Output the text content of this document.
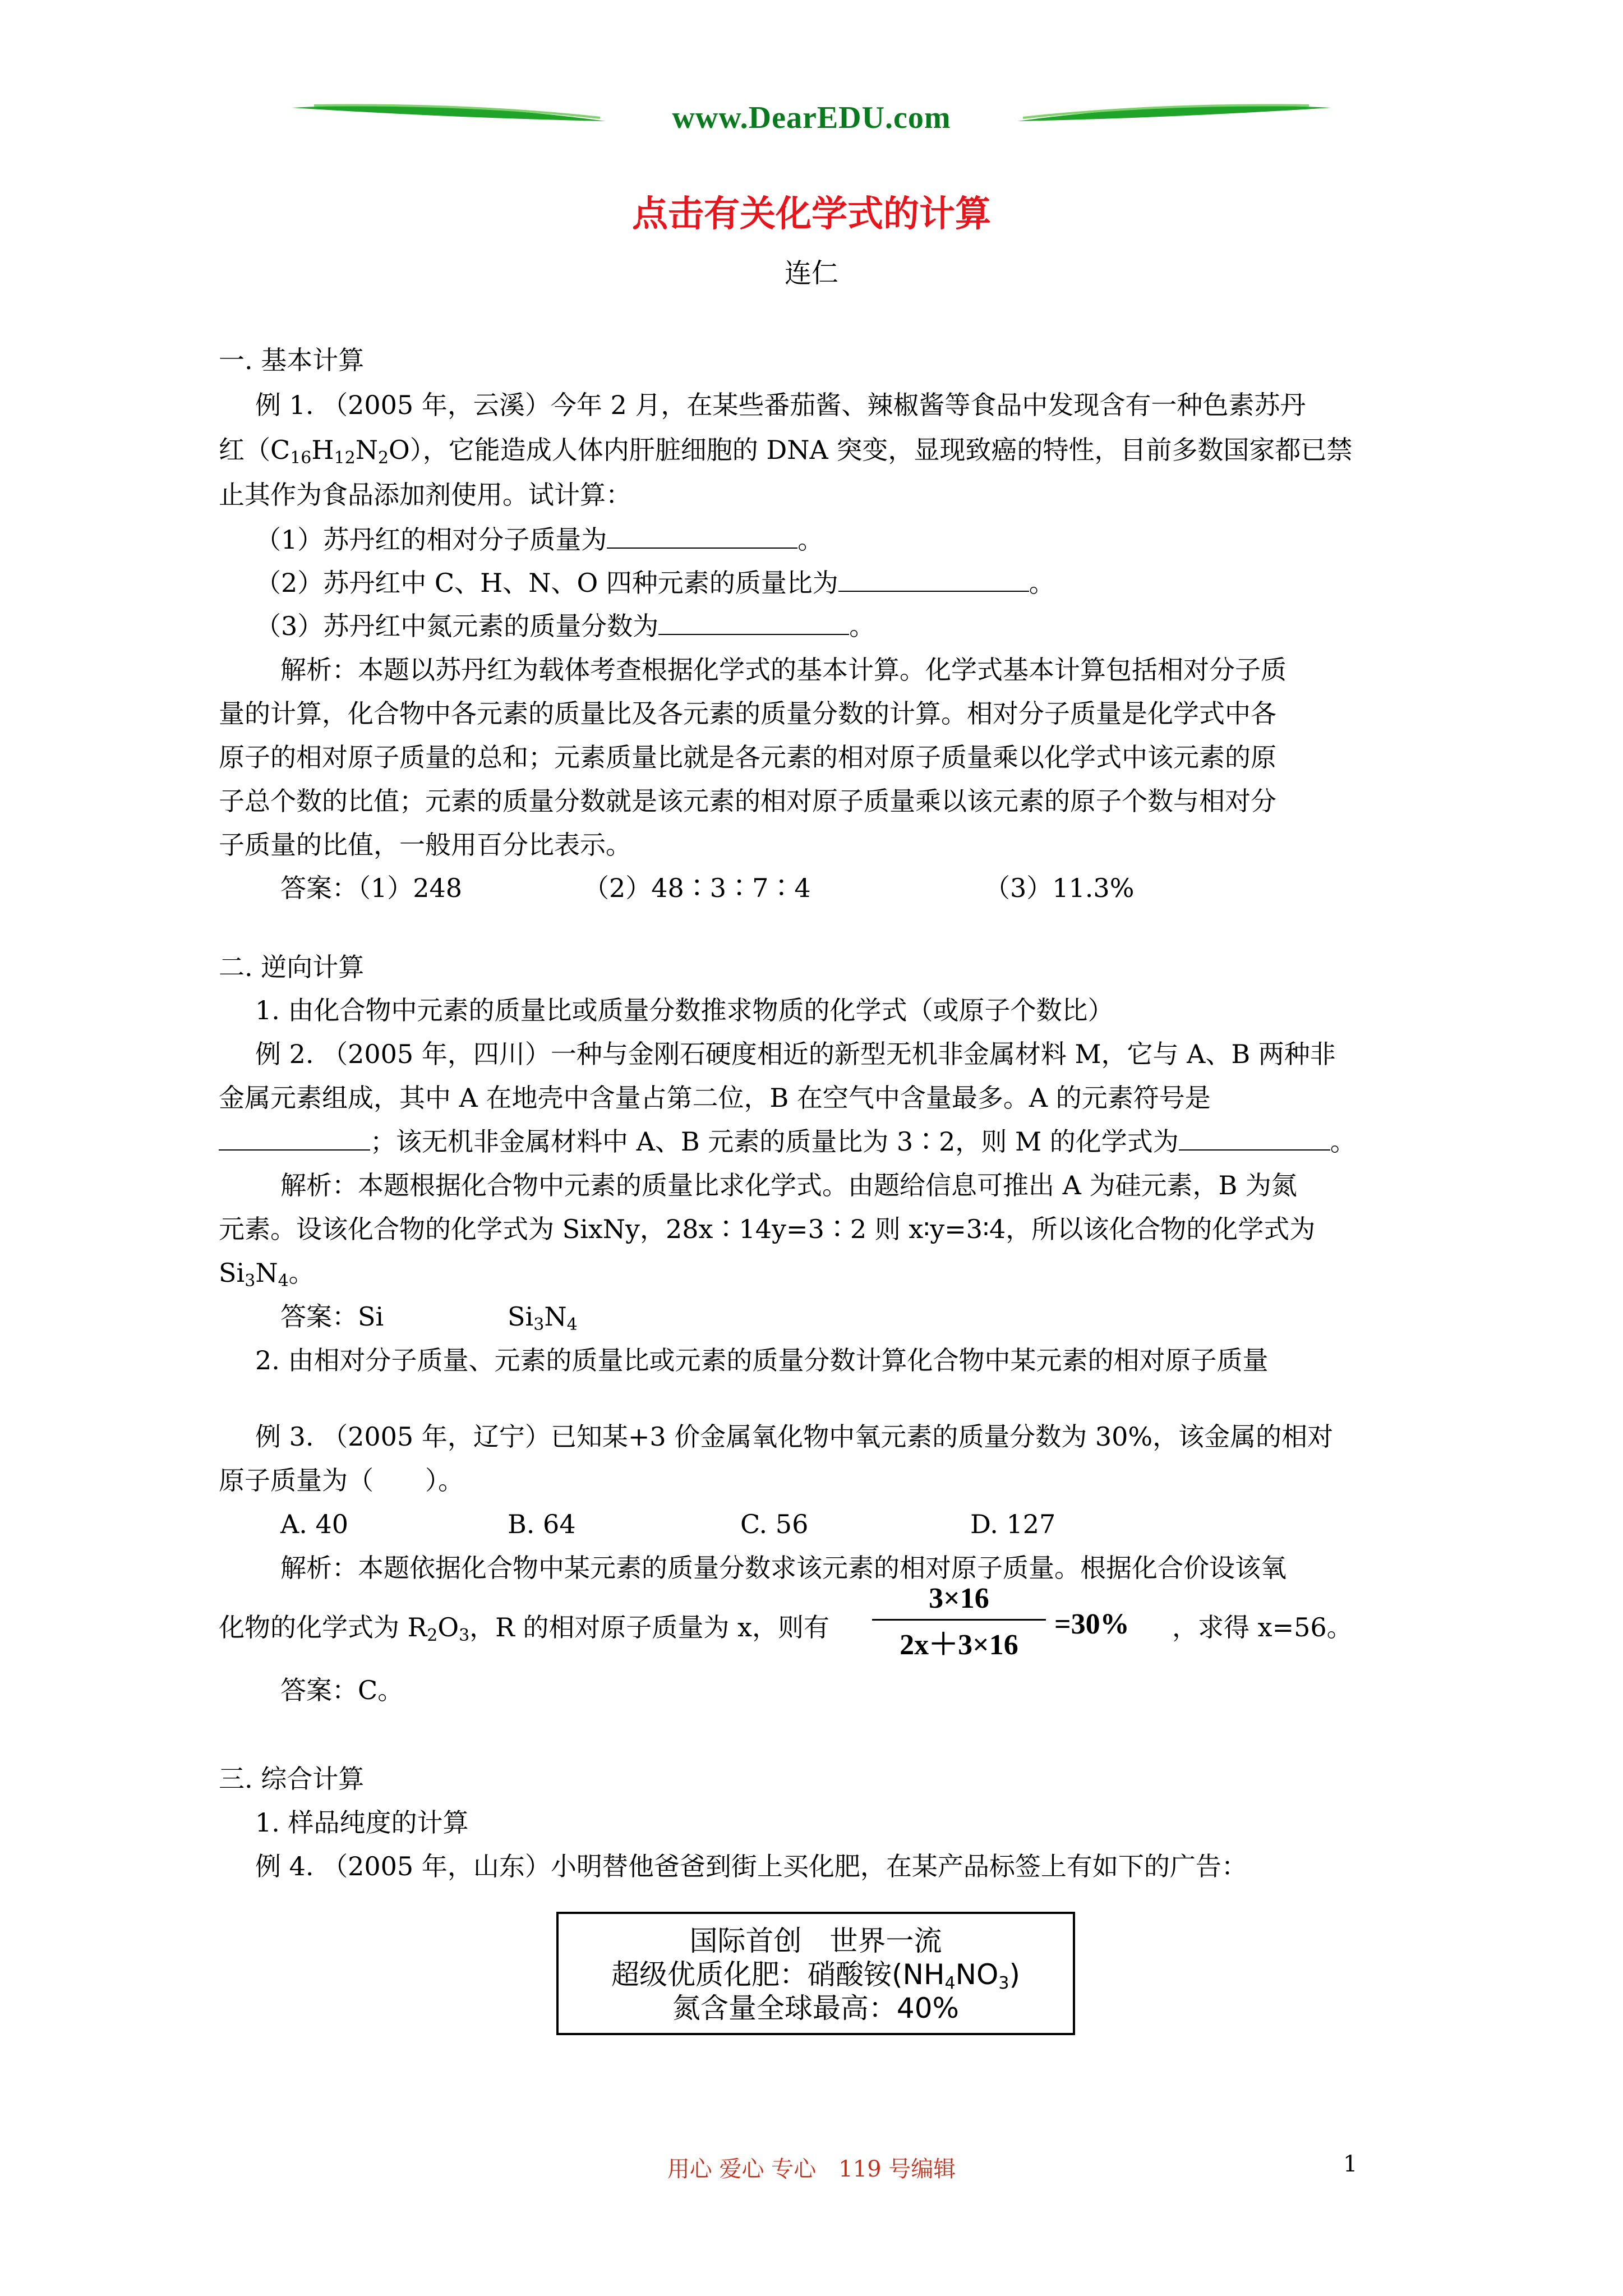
www.DearEDU.com
点击有关化学式的计算
连仁
一. 基本计算
例 1. （2005 年，云溪）今年 2 月，在某些番茄酱、辣椒酱等食品中发现含有一种色素苏丹
红$(C_{16}H_{12}N_2O)$，它能造成人体内肝脏细胞的 DNA 突变，显现致癌的特性，目前多数国家都已禁
止其作为食品添加剂使用。试计算：
（1）苏丹红的相对分子质量为	。
（2）苏丹红中 C、H、N、O 四种元素的质量比为	。
（3）苏丹红中氮元素的质量分数为	。
解析：本题以苏丹红为载体考查根据化学式的基本计算。化学式基本计算包括相对分子质
量的计算，化合物中各元素的质量比及各元素的质量分数的计算。相对分子质量是化学式中各
原子的相对原子质量的总和；元素质量比就是各元素的相对原子质量乘以化学式中该元素的原
子总个数的比值；元素的质量分数就是该元素的相对原子质量乘以该元素的原子个数与相对分
子质量的比值，一般用百分比表示。
答案：（1）248	（2）48∶3∶7∶4	（3）11.3%
二. 逆向计算
1. 由化合物中元素的质量比或质量分数推求物质的化学式（或原子个数比）
例 2. （2005 年，四川）一种与金刚石硬度相近的新型无机非金属材料 M，它与 A、B 两种非
金属元素组成，其中 A 在地壳中含量占第二位，B 在空气中含量最多。A 的元素符号是
；该无机非金属材料中 A、B 元素的质量比为 3∶2，则 M 的化学式为	。
解析：本题根据化合物中元素的质量比求化学式。由题给信息可推出 A 为硅元素，B 为氮
元素。设该化合物的化学式为 SixNy，28x∶14y=3∶2 则 x∶y=3∶4，所以该化合物的化学式为
$Si_3N_4$。
答案：Si	$Si_3N_4$
2. 由相对分子质量、元素的质量比或元素的质量分数计算化合物中某元素的相对原子质量
例 3. （2005 年，辽宁）已知某+3 价金属氧化物中氧元素的质量分数为 30%，该金属的相对
原子质量为（　　）。
A. 40	B. 64	C. 56	D. 127
解析：本题依据化合物中某元素的质量分数求该元素的相对原子质量。根据化合价设该氧
化物的化学式为 $R_2O_3$，R 的相对原子质量为 x，则有
3×16
2x＋3×16
=30% ，求得 x=56。
答案：C。
三. 综合计算
1. 样品纯度的计算
例 4. （2005 年，山东）小明替他爸爸到街上买化肥，在某产品标签上有如下的广告：
国际首创　世界一流
超级优质化肥：硝酸铵$(NH_4NO_3)$
氮含量全球最高：40%
用心 爱心 专心　119 号编辑	1
